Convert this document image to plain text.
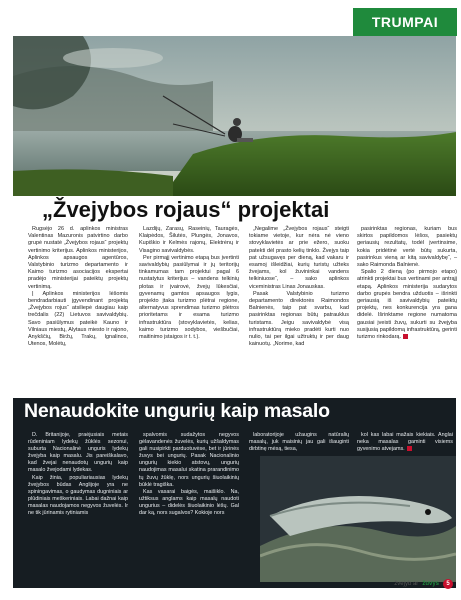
TRUMPAI
„Žvejybos rojaus“ projektai

Rugsėjo 26 d. aplinkos ministras Valentinas Mazuronis patvirtino darbo grupė nustatė „Žvejybos rojaus“ projektų vertinimo kriterijus. Aplinkos ministerijos, Aplinkos apsaugos agentūros, Valstybinio turizmo departamento ir Kaimo turizmo asociacijos ekspertai pradėjo ministerijai pateiktų projektų vertinimą.

Į Aplinkos ministerijos lėšomis bendradarbiauti įgyvendinant projektą „Žvejybos rojus“ atsiliepė daugiau kaip trečdalis (22) Lietuvos savivaldybių. Savo pasiūlymus pateikė Kauno ir Vilniaus miestų, Alytaus miesto ir rajono, Anykščių, Biržų, Trakų, Ignalinos, Utenos, Molėtų,

Lazdijų, Zarasų, Raseinių, Tauragės, Klaipėdos, Šilutės, Plungės, Jonavos, Kupiškio ir Kelmės rajonų, Elektrėnų ir Visagino savivaldybės.

Per pirmąjį vertinimo etapą bus įvertinti savivaldybių pasiūlymai ir jų teritorijų tinkamumas tam projektui pagal 6 nustatytus kriterijus – vandens telkinių plotas ir įvairovė, žvejų lūkesčiai, gyvenamų gamtos apsaugos lygis, projekto įtaka turizmo plėtrai regione, alternatyvus sprendimas turizmo plėtros prioritetams ir esama turizmo infrastruktūra (stovyklavietės, kelias, kaimo turizmo sodybos, viešbučiai, maitinimo įstaigos ir t. t.).

„Negalime „Žvejybos rojaus“ steigti tokiame vietoje, kur nėra nė vieno stovyklavietės ar prie ežero, suoku patekti dėl prasto kelių tinklo. Žvejys taip pat užsugavęs per dieną, kad vakaru ir esamoj išleidžiai, kurių turistų užteks žvejams, kol žuvininkai vandens telkiniuose“, – sako aplinkos viceministras Linas Jonauskas.

Pasak Valstybinio turizmo departamento direktorės Raimondos Balnienės, taip pat svarbu, kad pasirinktas regionas būtų patrauklus turistams. Jeigu savivaldybė visą infrastruktūrą mieko pradėti kurti nuo nulio, tai per ilgai užtruktų ir per daug kainuotų. „Norime, kad

pasirinktas regionas, kuriam bus skirtos papildomos lėšos, pasiektų geriausių rezultatų, todėl įvertinsime, kokia pridėtinė vertė būtų sukurta, pasirinkus vieną ar kitą savivaldybę“, – sako Raimonda Balnienė.

Spalio 2 dieną (po pirmojo etapo) atrinkti projektai bus vertinami per antrąjį etapą. Aplinkos ministerija sudarytos darbo grupės bendra užduotis – išrinkti geriausią iš savivaldybių pateiktų projektų, nes konkurencija yra gana didelė. Išrinktame regione numatoma gausiai įveisti žuvų, sukurti su žvejyba susijusią papildomą infrastruktūrą, gerinti turizmo rinkodarą.

Nenaudokite ungurių kaip masalo

D. Britanijoje, praėjusiais metais rūdeniniam lydekų žūklės sezonui, suburta Nacionalinė unguris lydekų žvejyba kaip masalu. Jis pareiškalavo, kad žvejai nenaudotų ungurių kaip masalo žvejodami lydekas.

Kaip žinia, populiariausias lydekų žvejybos būdas Anglijoje yra ne spiningavimas, o gaudymas dugniniais ar plūdiniais meškeriniais. Labai dažnai kaip masalas naudojamos negyvos žuvelės. Ir ne tik jūrinamis rytiniamis

spalvomis sudažytos negyvos gėlavandenės žuvelės, kurių užšaldymas gali nusipirkti parduotuvėse, bet ir jūrinės žuvys bei ungurių. Pasak Nacionalinio ungurių kiekio atstovų, ungurių naudojimas masalui skatina prarandinimo tų žuvų žūklę, nors ungurių šiuolaikinių būklė tragiška.

Kas vasarai baigės, maišiklo. Na, užtiksus anglams kaip masalų naudoti ungurius – didelės šiuolaikinio lėšų. Gal dar ką, nors sugalvos? Kokioje nors

laboratorijoje užaugins natūralių masalų, juk maisinių jau gali išauginti dirbtinę mėsą, tiesa,

kol kas labai mažais kiekiais. Anglai neka masalas gaminti visiems gyvenimo atvejams.

žvejyb ar žuvys	5
